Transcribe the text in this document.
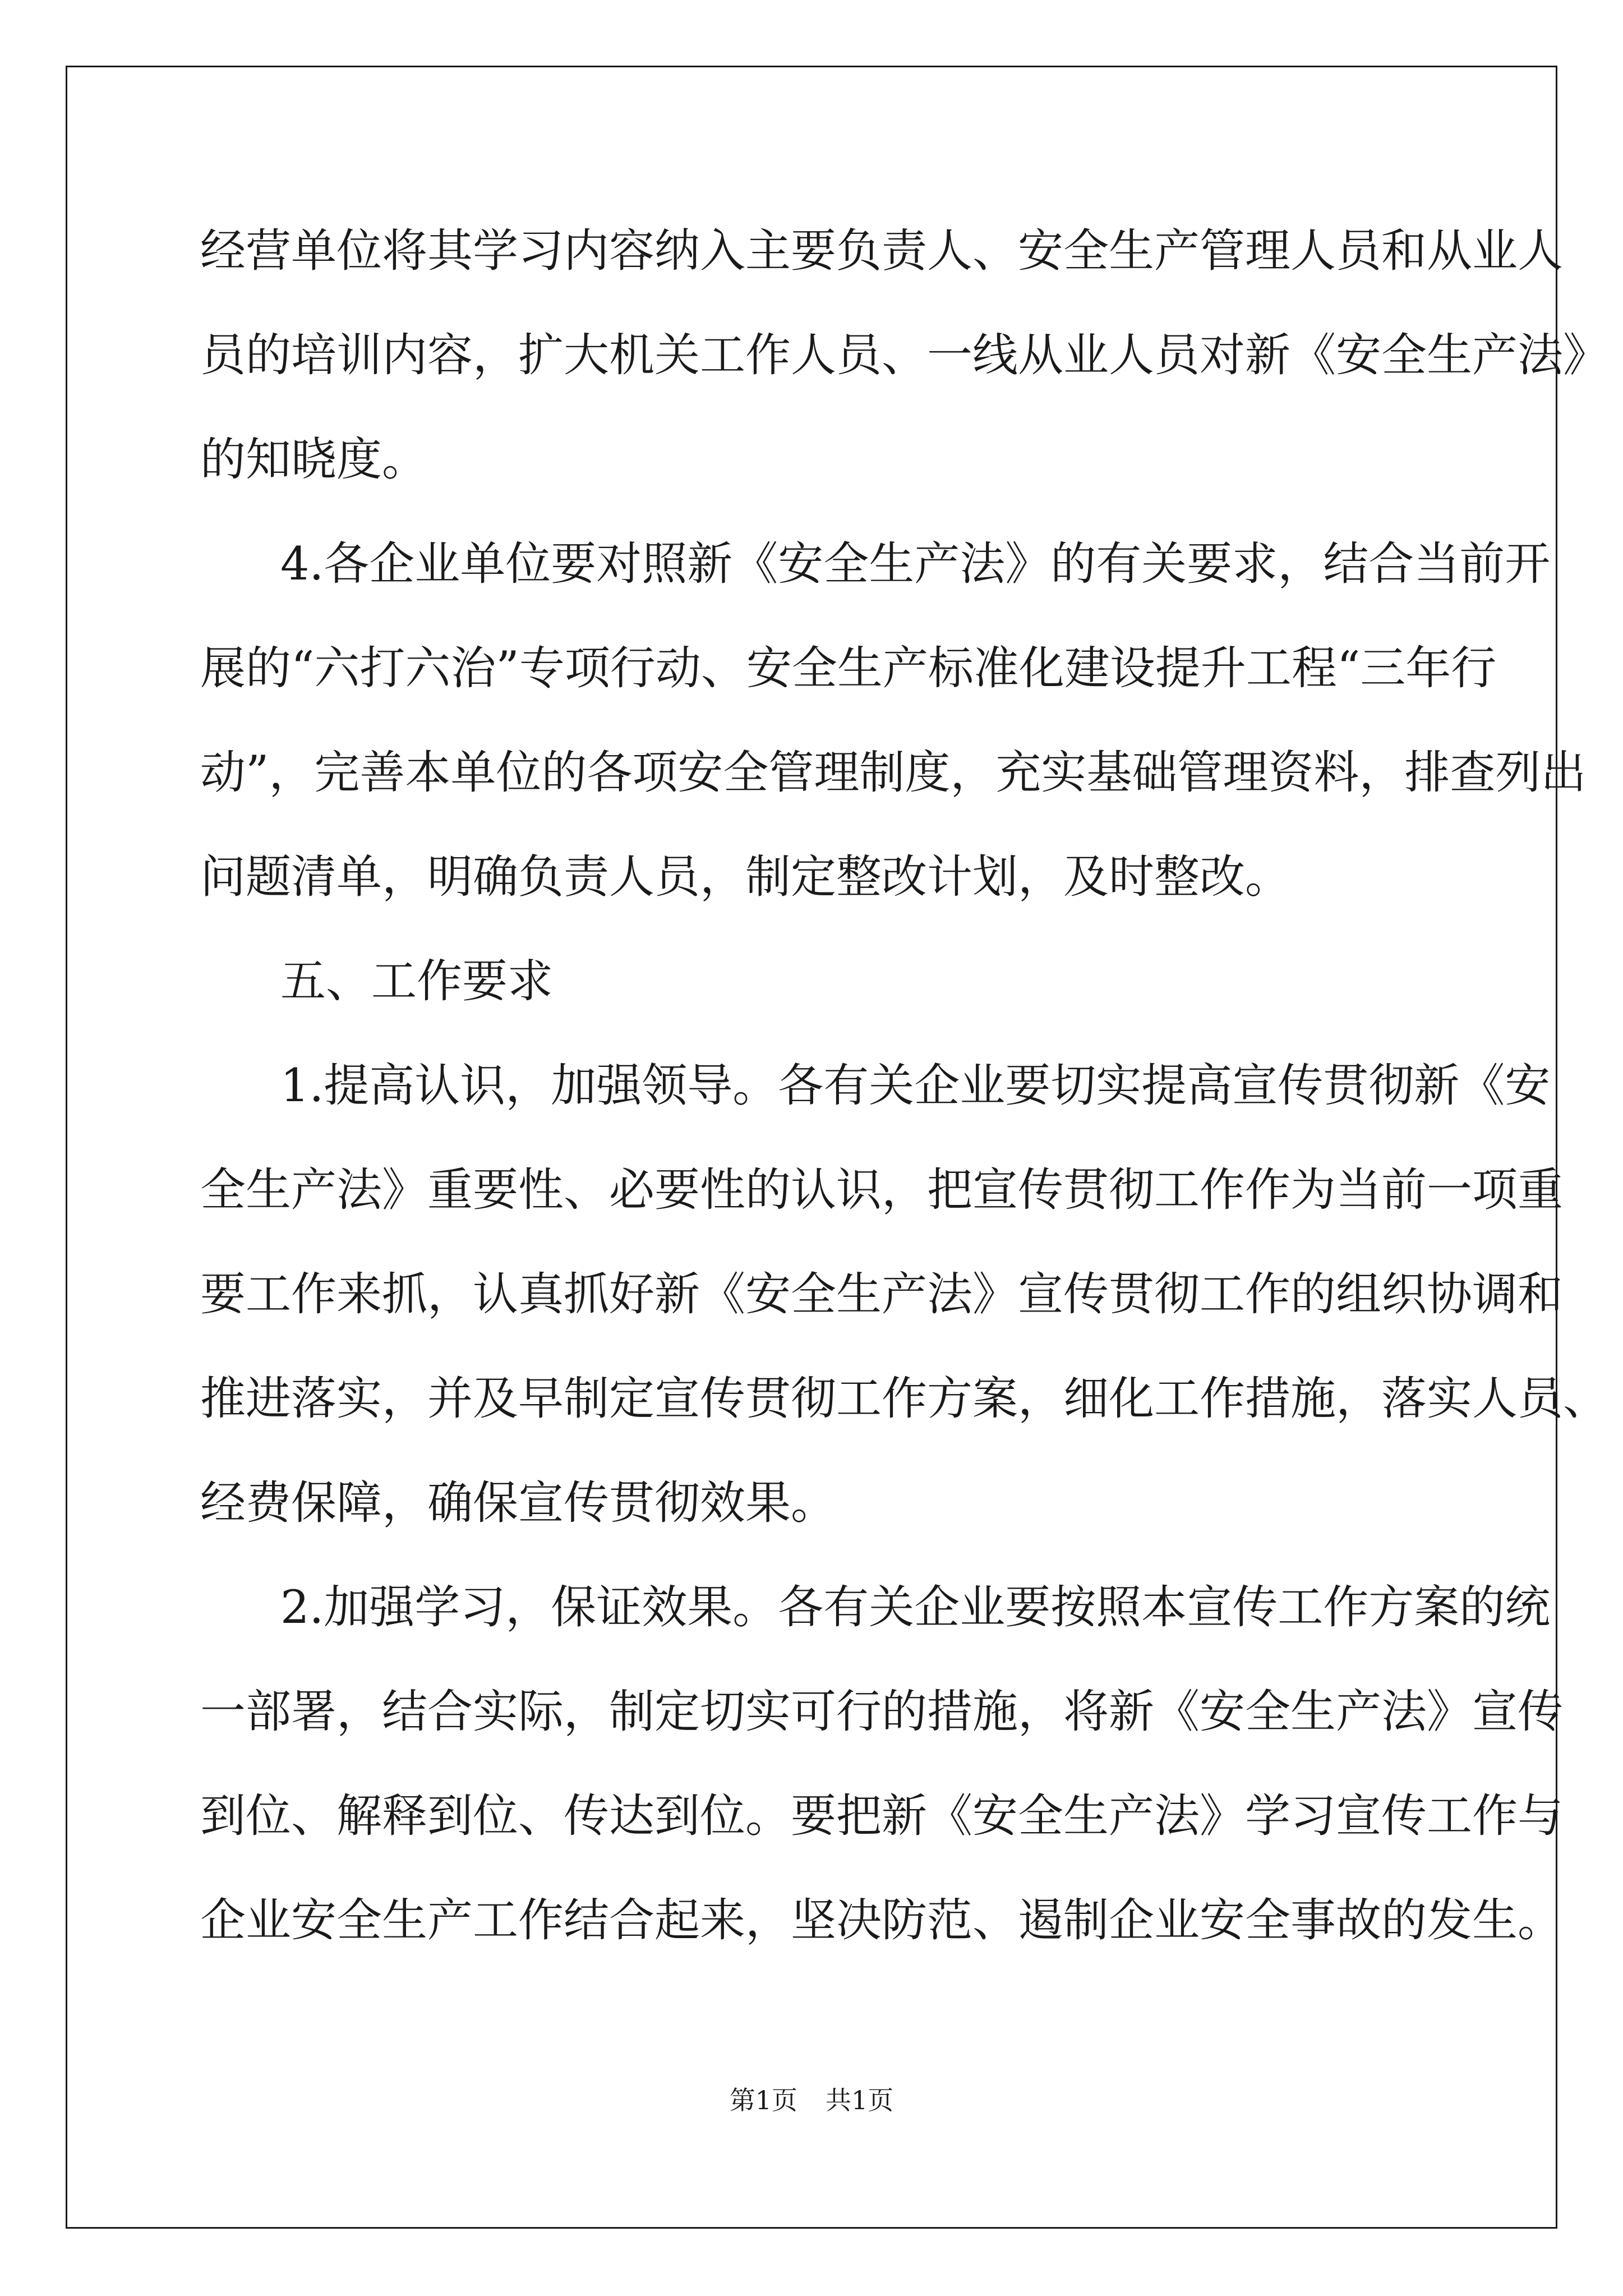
经营单位将其学习内容纳入主要负责人、安全生产管理人员和从业人
员的培训内容，扩大机关工作人员、一线从业人员对新《安全生产法》
的知晓度。
4.各企业单位要对照新《安全生产法》的有关要求，结合当前开
展的“六打六治”专项行动、安全生产标准化建设提升工程“三年行
动”，完善本单位的各项安全管理制度，充实基础管理资料，排查列出
问题清单，明确负责人员，制定整改计划，及时整改。
五、工作要求
1.提高认识，加强领导。各有关企业要切实提高宣传贯彻新《安
全生产法》重要性、必要性的认识，把宣传贯彻工作作为当前一项重
要工作来抓，认真抓好新《安全生产法》宣传贯彻工作的组织协调和
推进落实，并及早制定宣传贯彻工作方案，细化工作措施，落实人员、
经费保障，确保宣传贯彻效果。
2.加强学习，保证效果。各有关企业要按照本宣传工作方案的统
一部署，结合实际，制定切实可行的措施，将新《安全生产法》宣传
到位、解释到位、传达到位。要把新《安全生产法》学习宣传工作与
企业安全生产工作结合起来，坚决防范、遏制企业安全事故的发生。
第1页 共1页
